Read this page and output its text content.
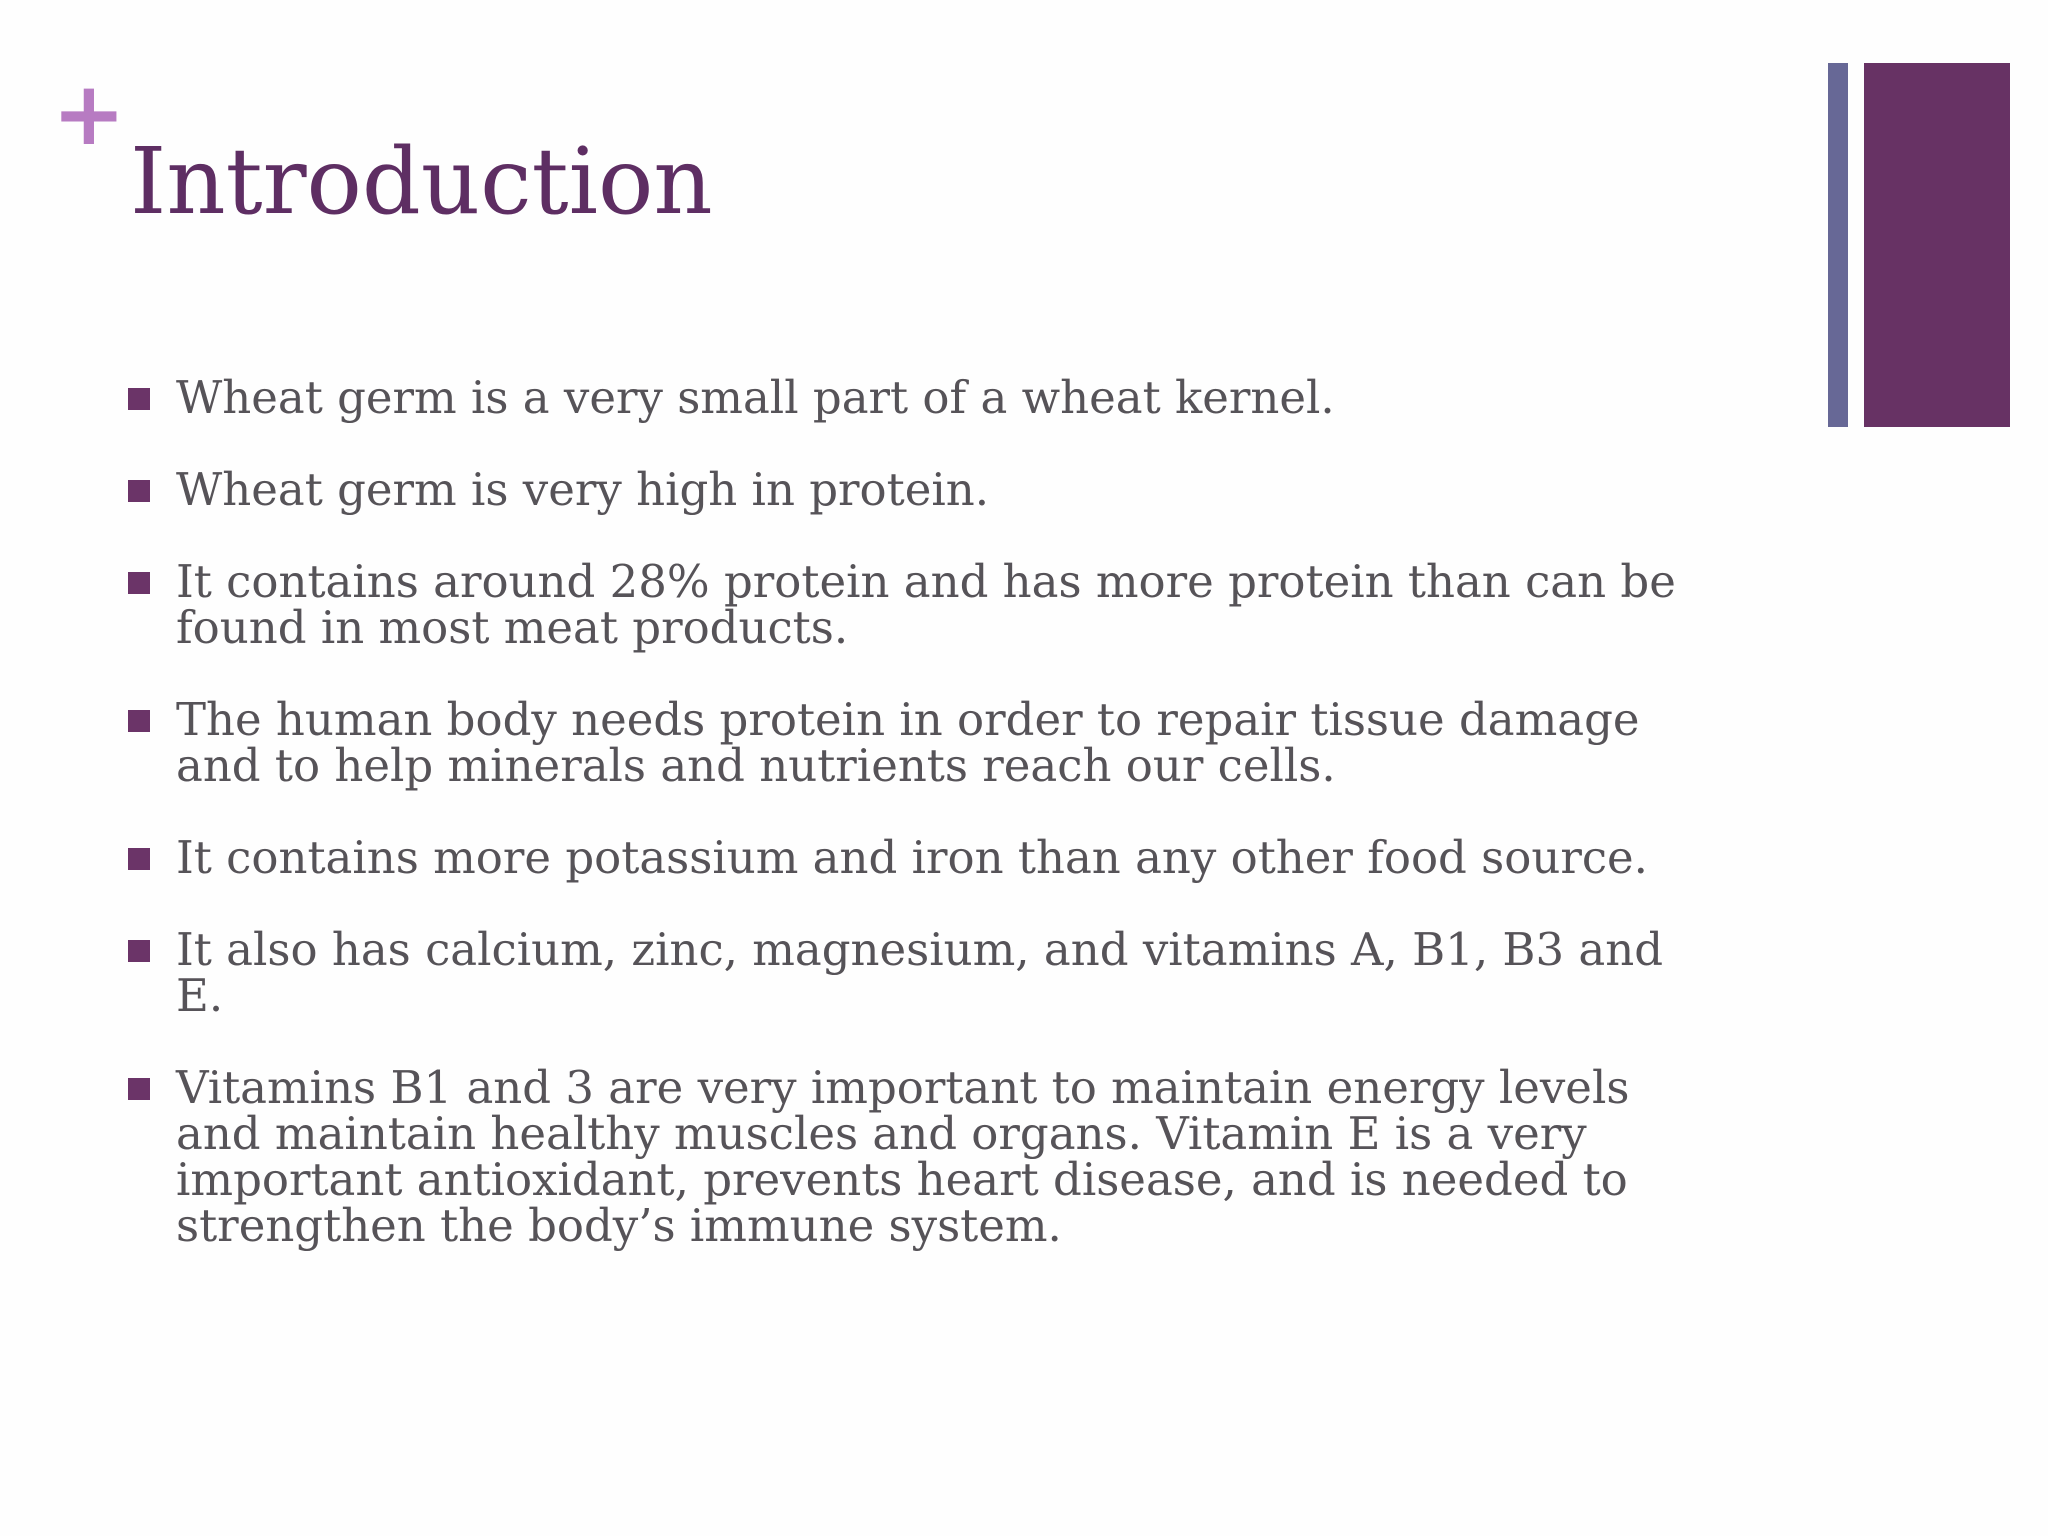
+
Introduction
Wheat germ is a very small part of a wheat kernel.
Wheat germ is very high in protein.
It contains around 28% protein and has more protein than can be
found in most meat products.
The human body needs protein in order to repair tissue damage
and to help minerals and nutrients reach our cells.
It contains more potassium and iron than any other food source.
It also has calcium, zinc, magnesium, and vitamins A, B1, B3 and
E.
Vitamins B1 and 3 are very important to maintain energy levels
and maintain healthy muscles and organs. Vitamin E is a very
important antioxidant, prevents heart disease, and is needed to
strengthen the body’s immune system.
